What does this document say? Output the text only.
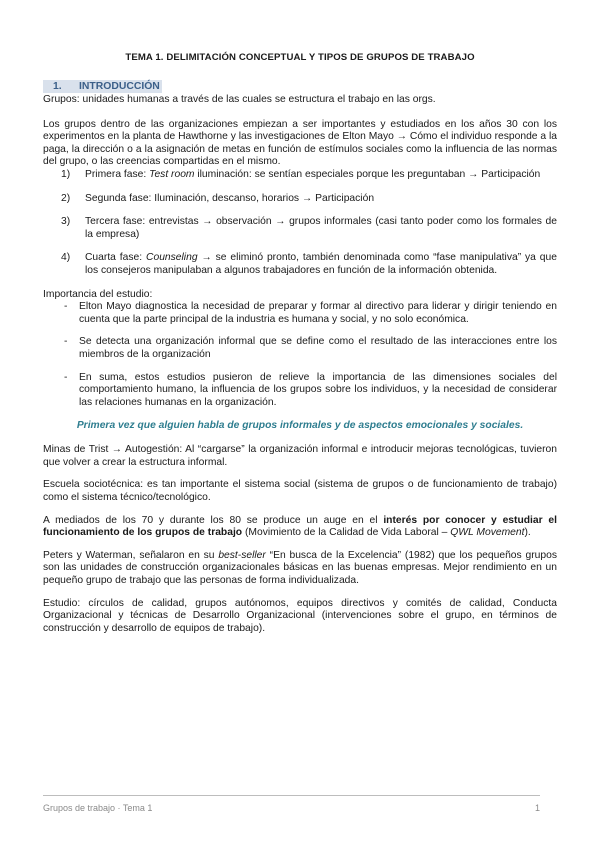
TEMA 1. DELIMITACIÓN CONCEPTUAL Y TIPOS DE GRUPOS DE TRABAJO
1. INTRODUCCIÓN

Grupos: unidades humanas a través de las cuales se estructura el trabajo en las orgs.

Los grupos dentro de las organizaciones empiezan a ser importantes y estudiados en los años 30 con los experimentos en la planta de Hawthorne y las investigaciones de Elton Mayo → Cómo el individuo responde a la paga, la dirección o a la asignación de metas en función de estímulos sociales como la influencia de las normas del grupo, o las creencias compartidas en el mismo.

1) Primera fase: Test room iluminación: se sentían especiales porque les preguntaban → Participación
2) Segunda fase: Iluminación, descanso, horarios → Participación
3) Tercera fase: entrevistas → observación → grupos informales (casi tanto poder como los formales de la empresa)
4) Cuarta fase: Counseling → se eliminó pronto, también denominada como “fase manipulativa” ya que los consejeros manipulaban a algunos trabajadores en función de la información obtenida.

Importancia del estudio:

- Elton Mayo diagnostica la necesidad de preparar y formar al directivo para liderar y dirigir teniendo en cuenta que la parte principal de la industria es humana y social, y no solo económica.
- Se detecta una organización informal que se define como el resultado de las interacciones entre los miembros de la organización
- En suma, estos estudios pusieron de relieve la importancia de las dimensiones sociales del comportamiento humano, la influencia de los grupos sobre los individuos, y la necesidad de considerar las relaciones humanas en la organización.
Primera vez que alguien habla de grupos informales y de aspectos emocionales y sociales.

Minas de Trist → Autogestión: Al “cargarse” la organización informal e introducir mejoras tecnológicas, tuvieron que volver a crear la estructura informal.

Escuela sociotécnica: es tan importante el sistema social (sistema de grupos o de funcionamiento de trabajo) como el sistema técnico/tecnológico.

A mediados de los 70 y durante los 80 se produce un auge en el interés por conocer y estudiar el funcionamiento de los grupos de trabajo (Movimiento de la Calidad de Vida Laboral – QWL Movement).

Peters y Waterman, señalaron en su best-seller “En busca de la Excelencia” (1982) que los pequeños grupos son las unidades de construcción organizacionales básicas en las buenas empresas. Mejor rendimiento en un pequeño grupo de trabajo que las personas de forma individualizada.

Estudio: círculos de calidad, grupos autónomos, equipos directivos y comités de calidad, Conducta Organizacional y técnicas de Desarrollo Organizacional (intervenciones sobre el grupo, en términos de construcción y desarrollo de equipos de trabajo).

Grupos de trabajo · Tema 1	1
